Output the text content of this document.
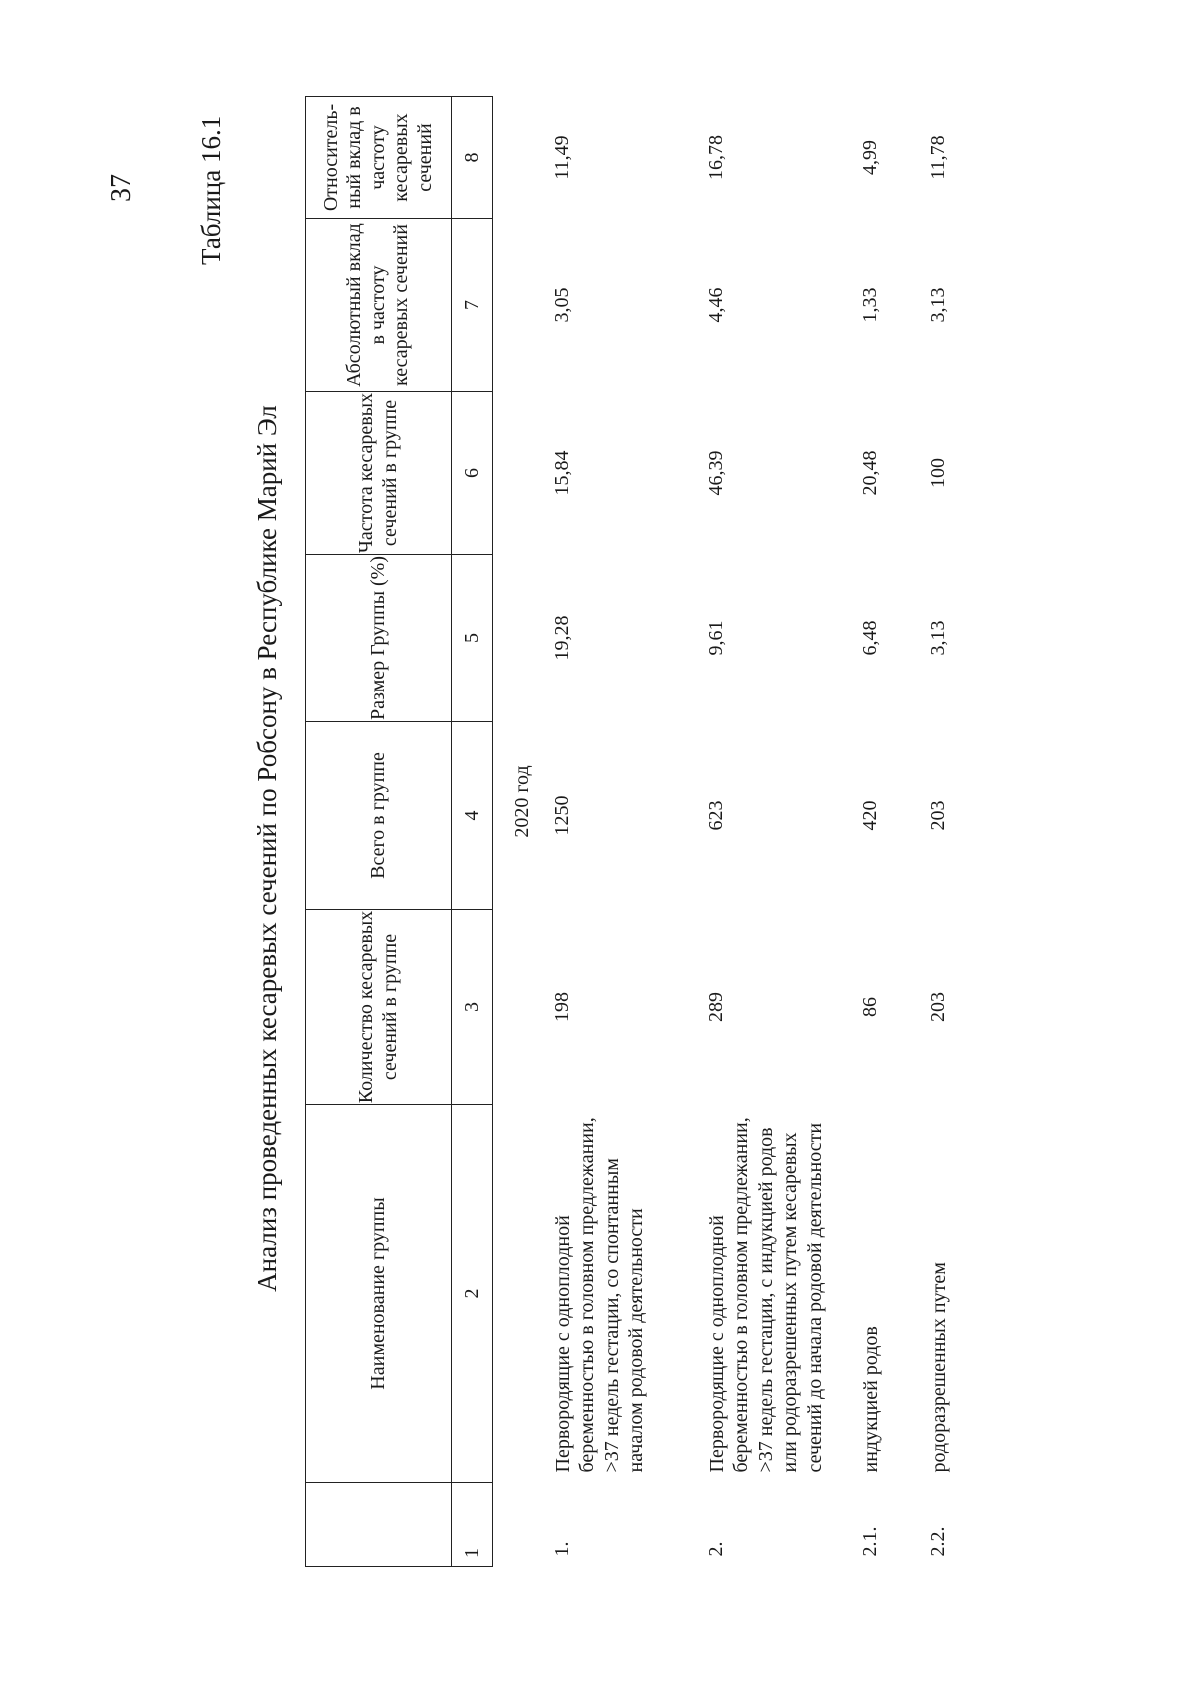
37 Таблица 16.1
Анализ проведенных кесаревых сечений по Робсону в Республике Марий Эл
	Наименование группы	Количество кесаревых сечений в группе	Всего в группе	Размер Группы (%)	Частота кесаревых сечений в группе	Абсолютный вклад в частоту кесаревых сечений	Относитель-ный вклад в частоту кесаревых сечений
1	2	3	4	5	6	7	8
2020 год							
1.	Первородящие с одноплодной беременностью в головном предлежании, >37 недель гестации, со спонтанным началом родовой деятельности	198	1250	19,28	15,84	3,05	11,49
2.	Первородящие с одноплодной беременностью в головном предлежании, >37 недель гестации, с индукцией родов или родоразрешенных путем кесаревых сечений до начала родовой деятельности	289	623	9,61	46,39	4,46	16,78
2.1.	индукцией родов	86	420	6,48	20,48	1,33	4,99
2.2.	родоразрешенных путем	203	203	3,13	100	3,13	11,78
